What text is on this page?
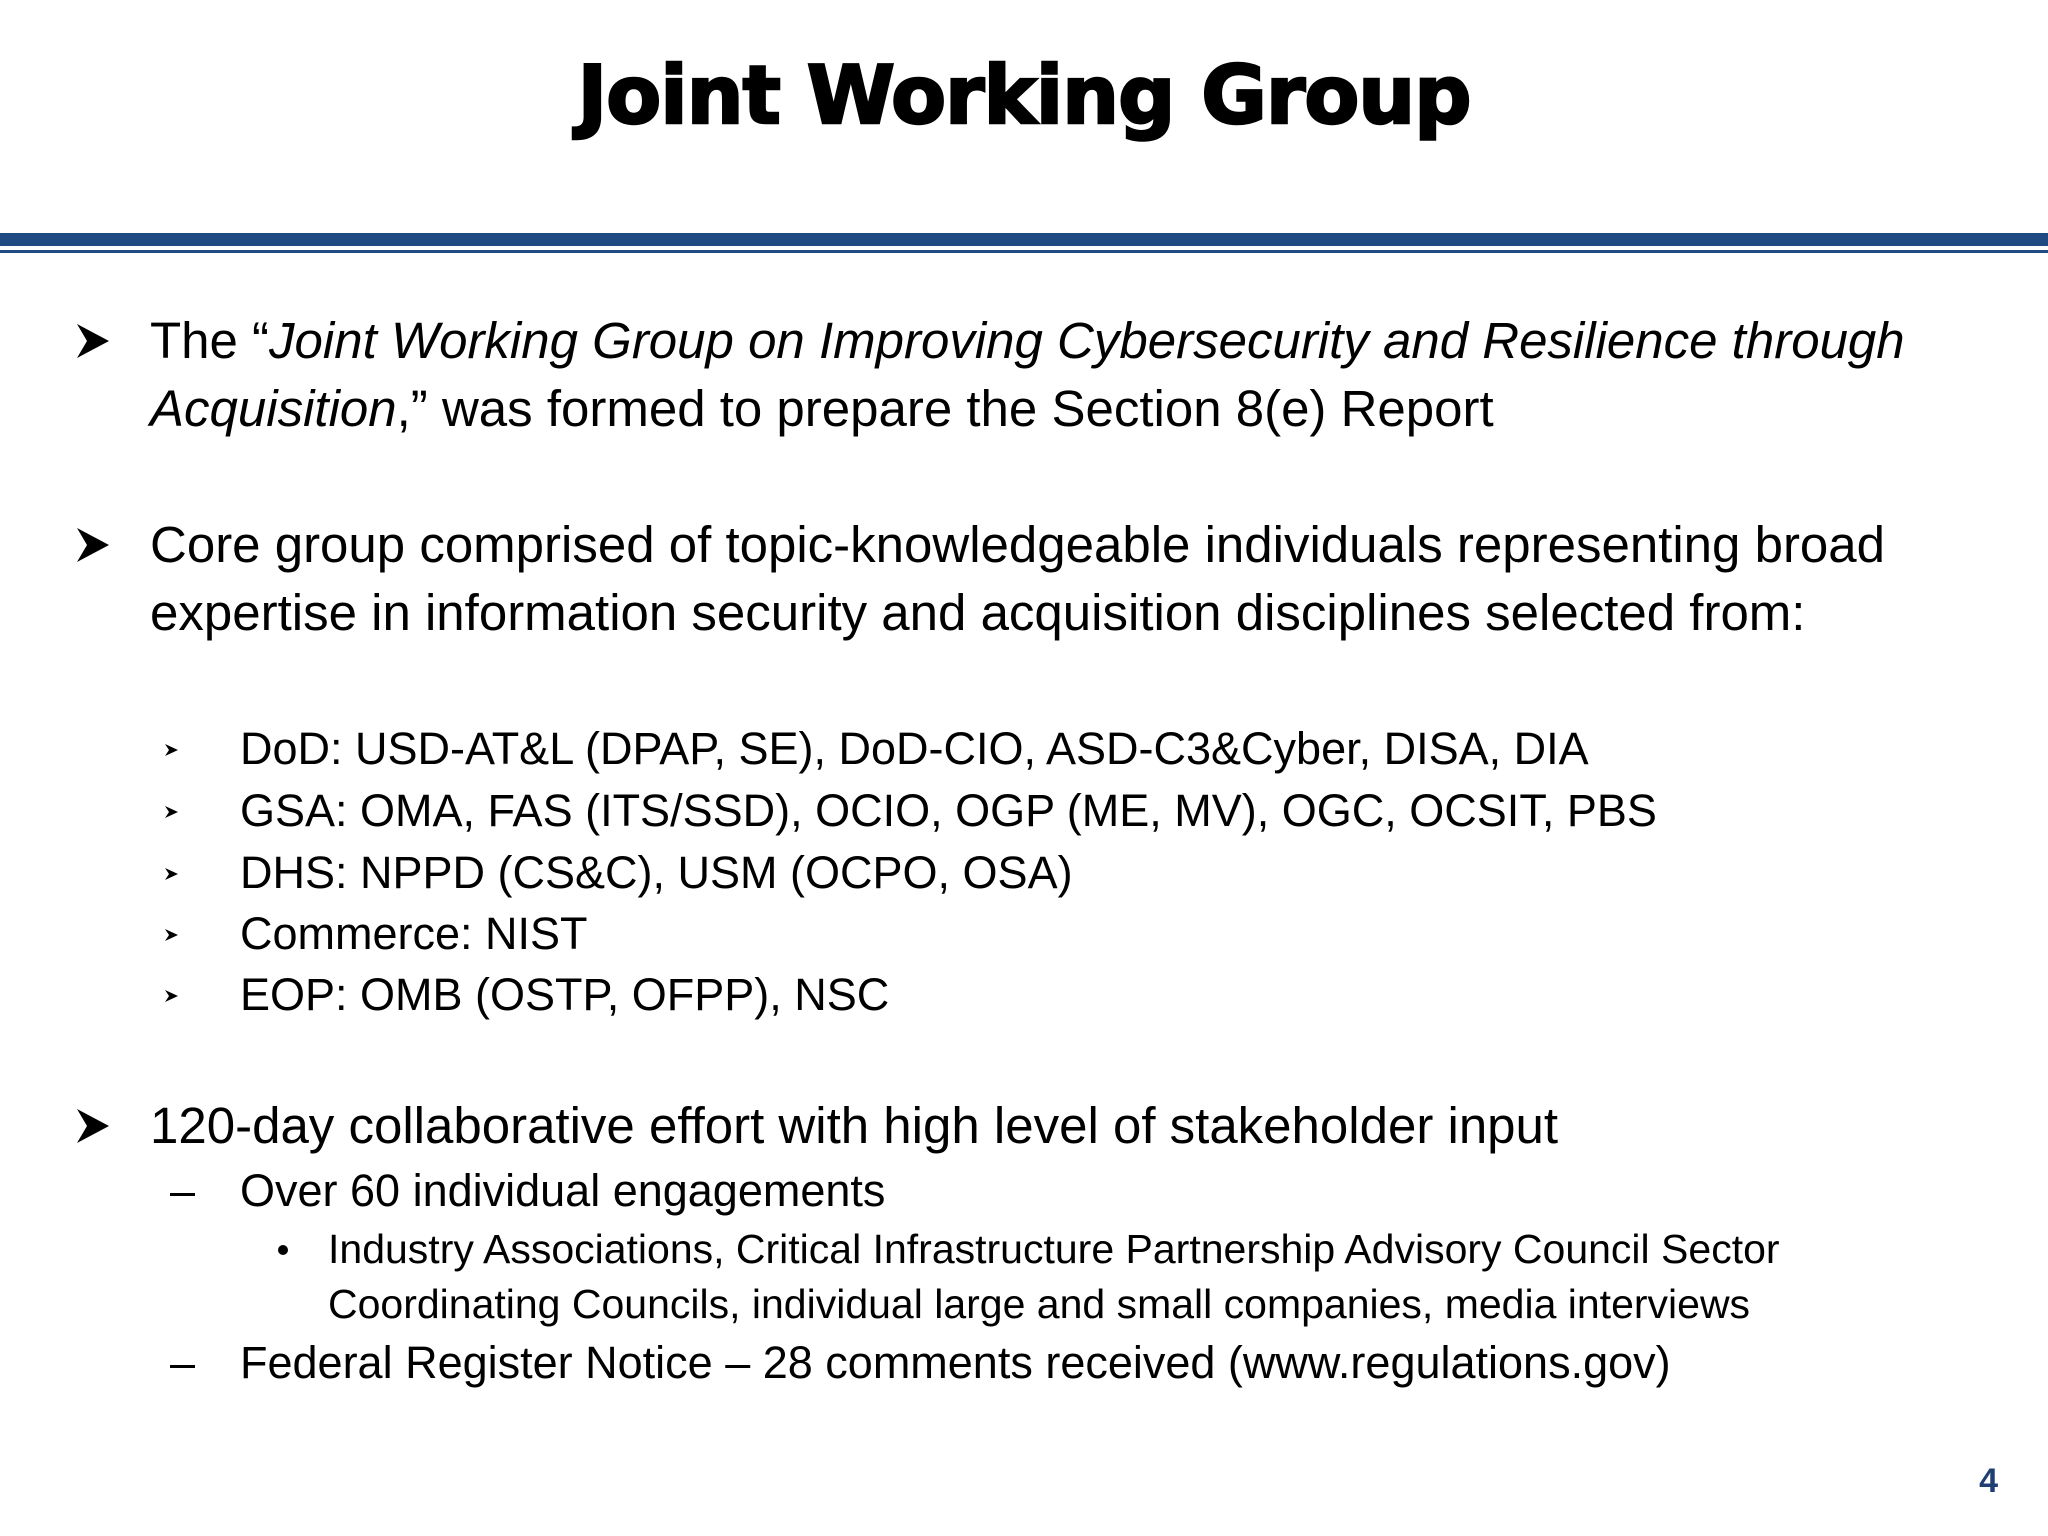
Joint Working Group
The “Joint Working Group on Improving Cybersecurity and Resilience through Acquisition,” was formed to prepare the Section 8(e) Report
Core group comprised of topic-knowledgeable individuals representing broad expertise in information security and acquisition disciplines selected from:
DoD: USD-AT&L (DPAP, SE), DoD-CIO, ASD-C3&Cyber, DISA, DIA
GSA: OMA, FAS (ITS/SSD), OCIO, OGP (ME, MV), OGC, OCSIT, PBS
DHS: NPPD (CS&C), USM (OCPO, OSA)
Commerce: NIST
EOP: OMB (OSTP, OFPP), NSC
120-day collaborative effort with high level of stakeholder input
– Over 60 individual engagements
Industry Associations, Critical Infrastructure Partnership Advisory Council Sector Coordinating Councils, individual large and small companies, media interviews
– Federal Register Notice – 28 comments received (www.regulations.gov)
4
